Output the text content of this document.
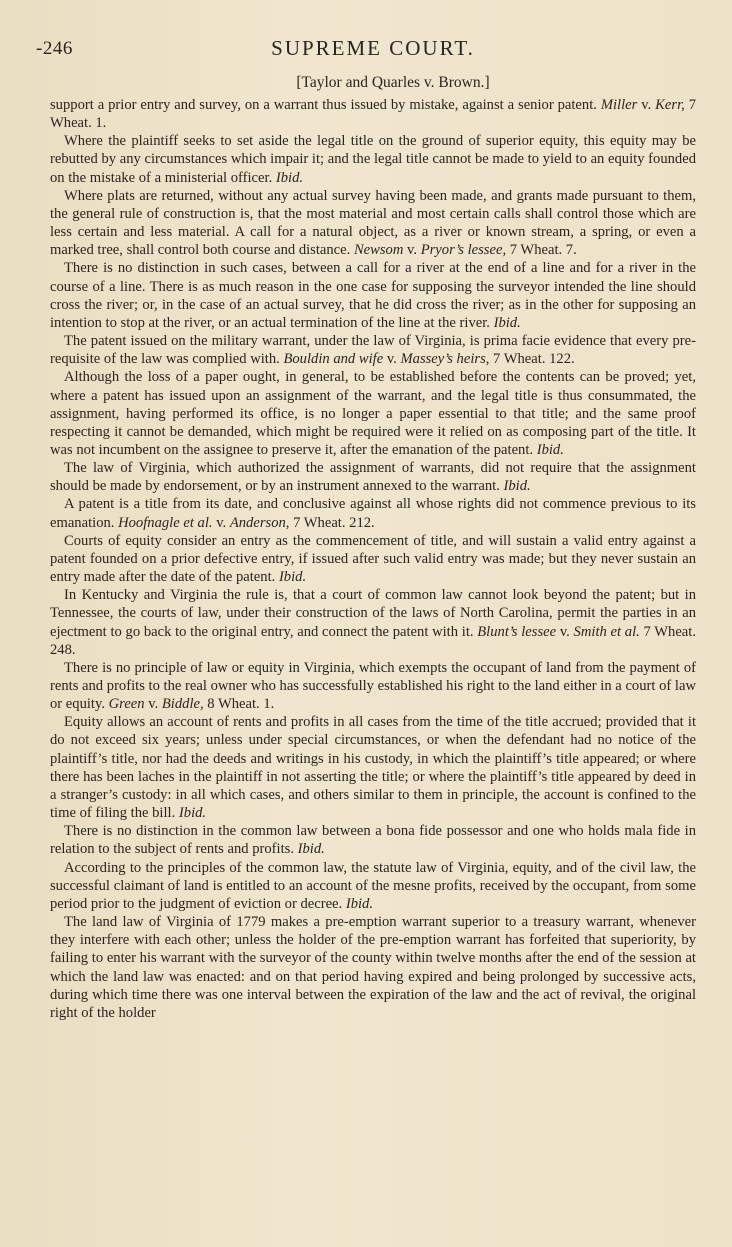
-246	SUPREME COURT.
[Taylor and Quarles v. Brown.]

support a prior entry and survey, on a warrant thus issued by mistake, against a senior patent. Miller v. Kerr, 7 Wheat. 1.

Where the plaintiff seeks to set aside the legal title on the ground of superior equity, this equity may be rebutted by any circumstances which impair it; and the legal title cannot be made to yield to an equity founded on the mistake of a ministerial officer. Ibid.

Where plats are returned, without any actual survey having been made, and grants made pursuant to them, the general rule of construction is, that the most material and most certain calls shall control those which are less certain and less material. A call for a natural object, as a river or known stream, a spring, or even a marked tree, shall control both course and distance. Newsom v. Pryor’s lessee, 7 Wheat. 7.

There is no distinction in such cases, between a call for a river at the end of a line and for a river in the course of a line. There is as much reason in the one case for supposing the surveyor intended the line should cross the river; or, in the case of an actual survey, that he did cross the river; as in the other for supposing an intention to stop at the river, or an actual termination of the line at the river. Ibid.

The patent issued on the military warrant, under the law of Virginia, is prima facie evidence that every pre-requisite of the law was complied with. Bouldin and wife v. Massey’s heirs, 7 Wheat. 122.

Although the loss of a paper ought, in general, to be established before the contents can be proved; yet, where a patent has issued upon an assignment of the warrant, and the legal title is thus consummated, the assignment, having performed its office, is no longer a paper essential to that title; and the same proof respecting it cannot be demanded, which might be required were it relied on as composing part of the title. It was not incumbent on the assignee to preserve it, after the emanation of the patent. Ibid.

The law of Virginia, which authorized the assignment of warrants, did not require that the assignment should be made by endorsement, or by an instrument annexed to the warrant. Ibid.

A patent is a title from its date, and conclusive against all whose rights did not commence previous to its emanation. Hoofnagle et al. v. Anderson, 7 Wheat. 212.

Courts of equity consider an entry as the commencement of title, and will sustain a valid entry against a patent founded on a prior defective entry, if issued after such valid entry was made; but they never sustain an entry made after the date of the patent. Ibid.

In Kentucky and Virginia the rule is, that a court of common law cannot look beyond the patent; but in Tennessee, the courts of law, under their construction of the laws of North Carolina, permit the parties in an ejectment to go back to the original entry, and connect the patent with it. Blunt’s lessee v. Smith et al. 7 Wheat. 248.

There is no principle of law or equity in Virginia, which exempts the occupant of land from the payment of rents and profits to the real owner who has successfully established his right to the land either in a court of law or equity. Green v. Biddle, 8 Wheat. 1.

Equity allows an account of rents and profits in all cases from the time of the title accrued; provided that it do not exceed six years; unless under special circumstances, or when the defendant had no notice of the plaintiff’s title, nor had the deeds and writings in his custody, in which the plaintiff’s title appeared; or where there has been laches in the plaintiff in not asserting the title; or where the plaintiff’s title appeared by deed in a stranger’s custody: in all which cases, and others similar to them in principle, the account is confined to the time of filing the bill. Ibid.

There is no distinction in the common law between a bona fide possessor and one who holds mala fide in relation to the subject of rents and profits. Ibid.

According to the principles of the common law, the statute law of Virginia, equity, and of the civil law, the successful claimant of land is entitled to an account of the mesne profits, received by the occupant, from some period prior to the judgment of eviction or decree. Ibid.

The land law of Virginia of 1779 makes a pre-emption warrant superior to a treasury warrant, whenever they interfere with each other; unless the holder of the pre-emption warrant has forfeited that superiority, by failing to enter his warrant with the surveyor of the county within twelve months after the end of the session at which the land law was enacted: and on that period having expired and being prolonged by successive acts, during which time there was one interval between the expiration of the law and the act of revival, the original right of the holder
